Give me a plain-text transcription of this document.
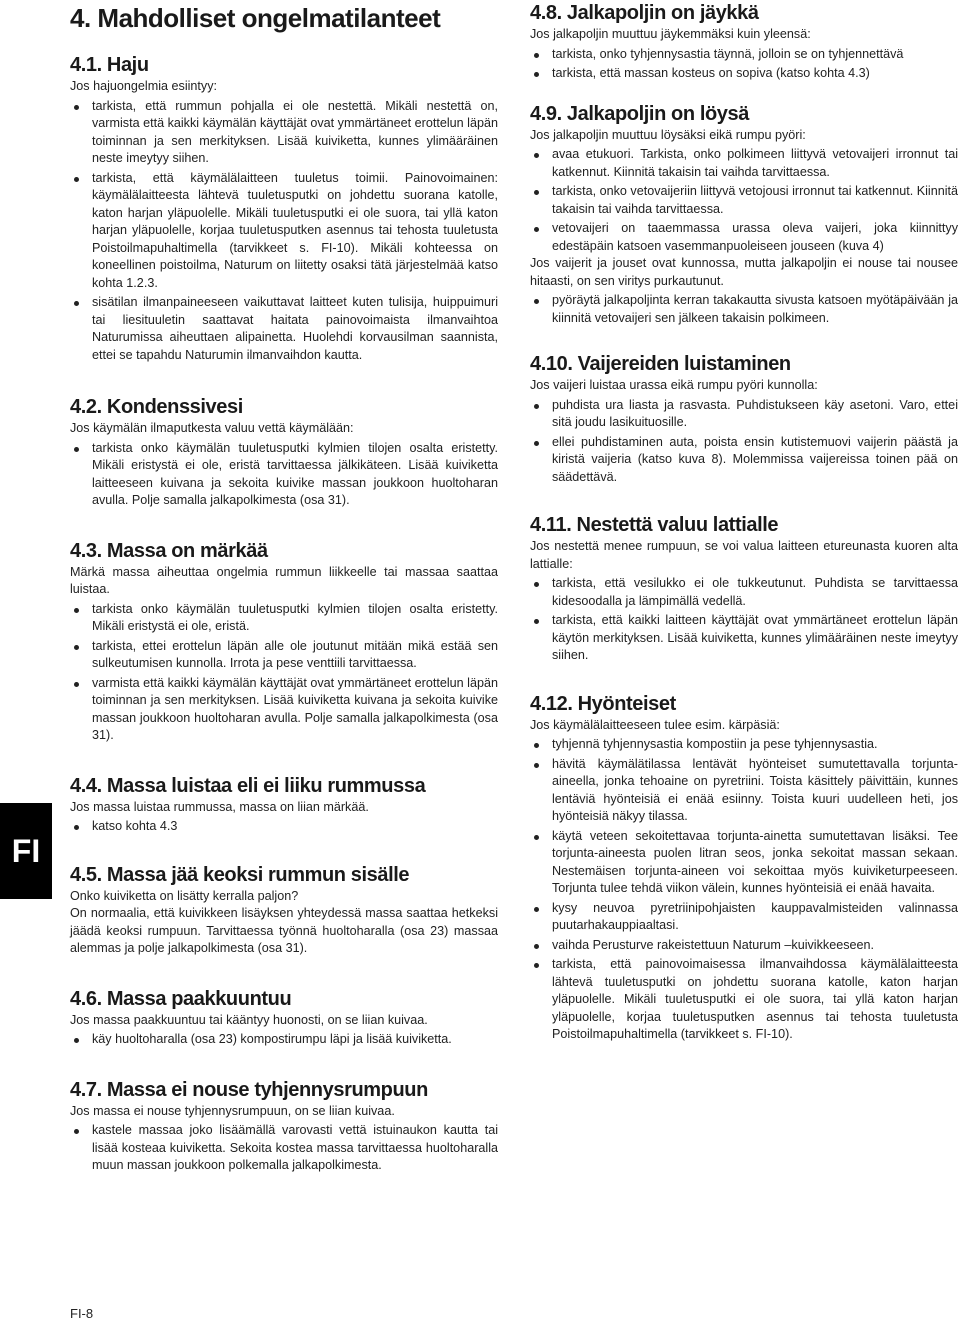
4. Mahdolliset ongelmatilanteet
4.1. Haju

Jos hajuongelmia esiintyy:

tarkista, että rummun pohjalla ei ole nestettä. Mikäli nestettä on, varmista että kaikki käymälän käyttäjät ovat ymmärtäneet erottelun läpän toiminnan ja sen merkityksen. Lisää kuiviketta, kunnes ylimääräinen neste imeytyy siihen.
tarkista, että käymälälaitteen tuuletus toimii. Painovoimainen: käymälälaitteesta lähtevä tuuletusputki on johdettu suorana katolle, katon harjan yläpuolelle. Mikäli tuuletusputki ei ole suora, tai yllä katon harjan yläpuolelle, korjaa tuuletusputken asennus tai tehosta tuuletusta Poistoilmapuhaltimella (tarvikkeet s. FI-10). Mikäli kohteessa on koneellinen poistoilma, Naturum on liitetty osaksi tätä järjestelmää katso kohta 1.2.3.
sisätilan ilmanpaineeseen vaikuttavat laitteet kuten tulisija, huippuimuri tai liesituuletin saattavat haitata painovoimaista ilmanvaihtoa Naturumissa aiheuttaen alipainetta. Huolehdi korvausilman saannista, ettei se tapahdu Naturumin ilmanvaihdon kautta.
4.2. Kondenssivesi

Jos käymälän ilmaputkesta valuu vettä käymälään:

tarkista onko käymälän tuuletusputki kylmien tilojen osalta eristetty. Mikäli eristystä ei ole, eristä tarvittaessa jälkikäteen. Lisää kuiviketta laitteeseen kuivana ja sekoita kuivike massan joukkoon huoltoharan avulla. Polje samalla jalkapolkimesta (osa 31).
4.3. Massa on märkää

Märkä massa aiheuttaa ongelmia rummun liikkeelle tai massaa saattaa luistaa.

tarkista onko käymälän tuuletusputki kylmien tilojen osalta eristetty. Mikäli eristystä ei ole, eristä.
tarkista, ettei erottelun läpän alle ole joutunut mitään mikä estää sen sulkeutumisen kunnolla. Irrota ja pese venttiili tarvittaessa.
varmista että kaikki käymälän käyttäjät ovat ymmärtäneet erottelun läpän toiminnan ja sen merkityksen. Lisää kuiviketta kuivana ja sekoita kuivike massan joukkoon huoltoharan avulla. Polje samalla jalkapolkimesta (osa 31).
4.4. Massa luistaa eli ei liiku rummussa

Jos massa luistaa rummussa, massa on liian märkää.

katso kohta 4.3
4.5. Massa jää keoksi rummun sisälle

Onko kuiviketta on lisätty kerralla paljon?

On normaalia, että kuivikkeen lisäyksen yhteydessä massa saattaa hetkeksi jäädä keoksi rumpuun. Tarvittaessa työnnä huoltoharalla (osa 23) massaa alemmas ja polje jalkapolkimesta (osa 31).

4.6. Massa paakkuuntuu

Jos massa paakkuuntuu tai kääntyy huonosti, on se liian kuivaa.

käy huoltoharalla (osa 23) kompostirumpu läpi ja lisää kuiviketta.
4.7. Massa ei nouse tyhjennysrumpuun

Jos massa ei nouse tyhjennysrumpuun, on se liian kuivaa.

kastele massaa joko lisäämällä varovasti vettä istuinaukon kautta tai lisää kosteaa kuiviketta. Sekoita kostea massa tarvittaessa huoltoharalla muun massan joukkoon polkemalla jalkapolkimesta.
4.8. Jalkapoljin on jäykkä

Jos jalkapoljin muuttuu jäykemmäksi kuin yleensä:

tarkista, onko tyhjennysastia täynnä, jolloin se on tyhjennettävä
tarkista, että massan kosteus on sopiva (katso kohta 4.3)
4.9. Jalkapoljin on löysä

Jos jalkapoljin muuttuu löysäksi eikä rumpu pyöri:

avaa etukuori. Tarkista, onko polkimeen liittyvä vetovaijeri irronnut tai katkennut. Kiinnitä takaisin tai vaihda tarvittaessa.
tarkista, onko vetovaijeriin liittyvä vetojousi irronnut tai katkennut. Kiinnitä takaisin tai vaihda tarvittaessa.
vetovaijeri on taaemmassa urassa oleva vaijeri, joka kiinnittyy edestäpäin katsoen vasemmanpuoleiseen jouseen (kuva 4)

Jos vaijerit ja jouset ovat kunnossa, mutta jalkapoljin ei nouse tai nousee hitaasti, on sen viritys purkautunut.

pyöräytä jalkapoljinta kerran takakautta sivusta katsoen myötäpäivään ja kiinnitä vetovaijeri sen jälkeen takaisin polkimeen.
4.10. Vaijereiden luistaminen

Jos vaijeri luistaa urassa eikä rumpu pyöri kunnolla:

puhdista ura liasta ja rasvasta. Puhdistukseen käy asetoni. Varo, ettei sitä joudu lasikuituosille.
ellei puhdistaminen auta, poista ensin kutistemuovi vaijerin päästä ja kiristä vaijeria (katso kuva 8). Molemmissa vaijereissa toinen pää on säädettävä.
4.11. Nestettä valuu lattialle

Jos nestettä menee rumpuun, se voi valua laitteen etureunasta kuoren alta lattialle:

tarkista, että vesilukko ei ole tukkeutunut. Puhdista se tarvittaessa kidesoodalla ja lämpimällä vedellä.
tarkista, että kaikki laitteen käyttäjät ovat ymmärtäneet erottelun läpän käytön merkityksen. Lisää kuiviketta, kunnes ylimääräinen neste imeytyy siihen.
4.12. Hyönteiset

Jos käymälälaitteeseen tulee esim. kärpäsiä:

tyhjennä tyhjennysastia kompostiin ja pese tyhjennysastia.
hävitä käymälätilassa lentävät hyönteiset sumutettavalla torjunta-aineella, jonka tehoaine on pyretriini. Toista käsittely päivittäin, kunnes lentäviä hyönteisiä ei enää esiinny. Toista kuuri uudelleen heti, jos hyönteisiä näkyy tilassa.
käytä veteen sekoitettavaa torjunta-ainetta sumutettavan lisäksi. Tee torjunta-aineesta puolen litran seos, jonka sekoitat massan sekaan. Nestemäisen torjunta-aineen voi sekoittaa myös kuiviketurpeeseen. Torjunta tulee tehdä viikon välein, kunnes hyönteisiä ei enää havaita.
kysy neuvoa pyretriinipohjaisten kauppavalmisteiden valinnassa puutarhakauppiaaltasi.
vaihda Perusturve rakeistettuun Naturum –kuivikkeeseen.
tarkista, että painovoimaisessa ilmanvaihdossa käymälälaitteesta lähtevä tuuletusputki on johdettu suorana katolle, katon harjan yläpuolelle. Mikäli tuuletusputki ei ole suora, tai yllä katon harjan yläpuolelle, korjaa tuuletusputken asennus tai tehosta tuuletusta Poistoilmapuhaltimella (tarvikkeet s. FI-10).
FI
FI-8
